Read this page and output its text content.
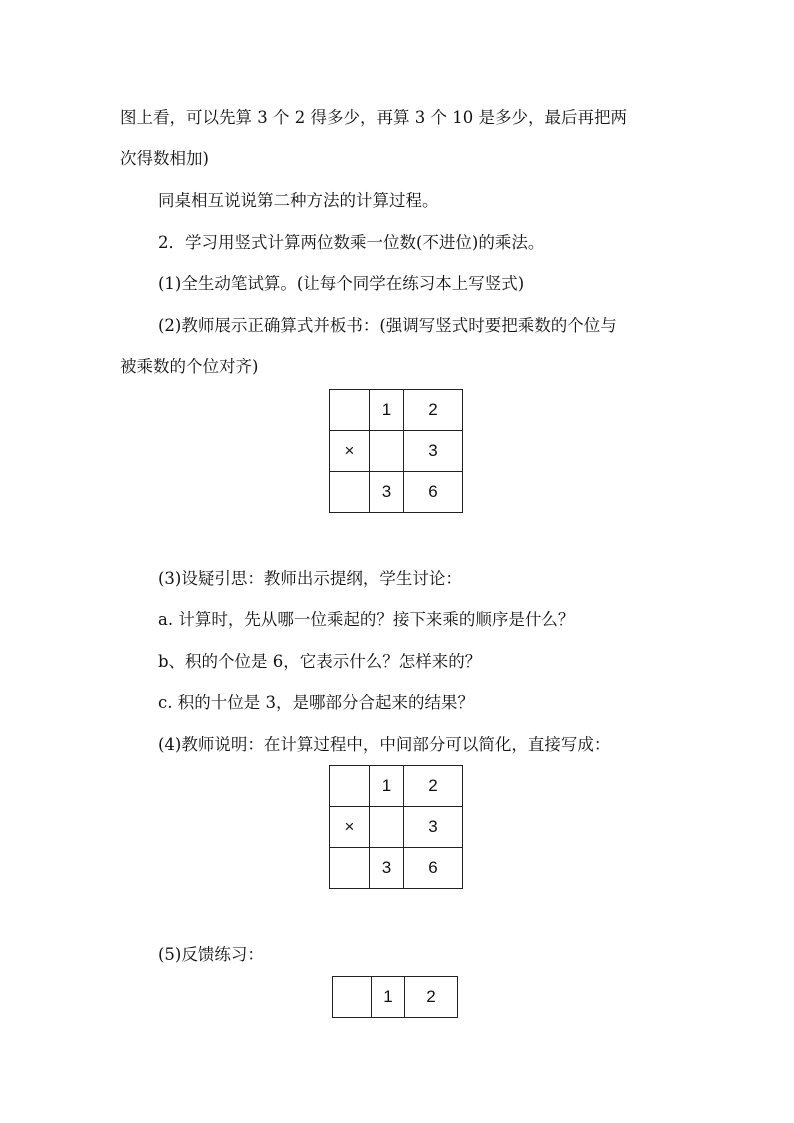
图上看，可以先算 3 个 2 得多少，再算 3 个 10 是多少，最后再把两
次得数相加)
同桌相互说说第二种方法的计算过程。
2．学习用竖式计算两位数乘一位数(不进位)的乘法。
(1)全生动笔试算。(让每个同学在练习本上写竖式)
(2)教师展示正确算式并板书：(强调写竖式时要把乘数的个位与
被乘数的个位对齐)
	1	2
×		3
	3	6
(3)设疑引思：教师出示提纲，学生讨论：
a. 计算时，先从哪一位乘起的？接下来乘的顺序是什么？
b、积的个位是 6，它表示什么？怎样来的？
c. 积的十位是 3，是哪部分合起来的结果？
(4)教师说明：在计算过程中，中间部分可以简化，直接写成：
	1	2
×		3
	3	6
(5)反馈练习：
	1	2
